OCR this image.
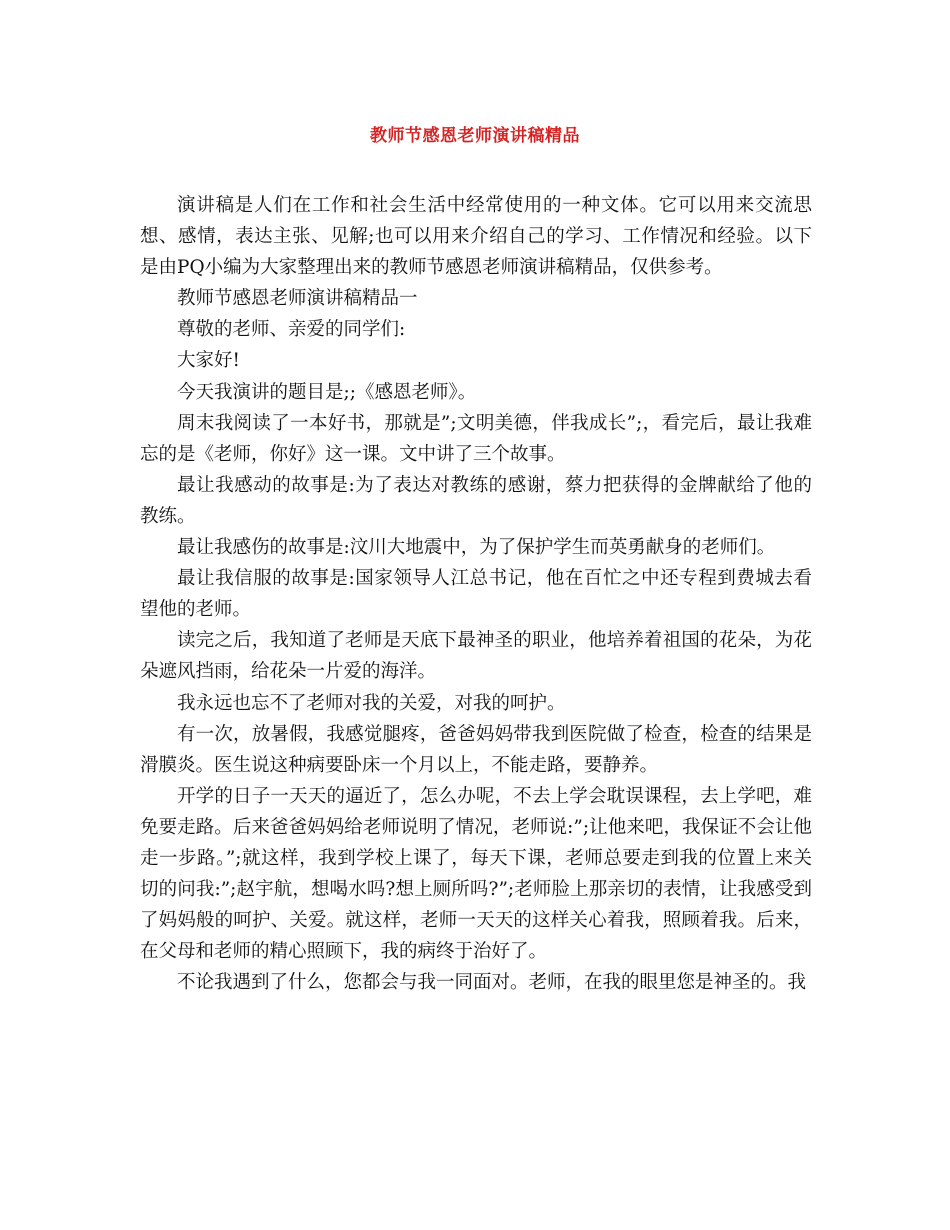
教师节感恩老师演讲稿精品

演讲稿是人们在工作和社会生活中经常使用的一种文体。它可以用来交流思想、感情，表达主张、见解;也可以用来介绍自己的学习、工作情况和经验。以下是由PQ小编为大家整理出来的教师节感恩老师演讲稿精品，仅供参考。

教师节感恩老师演讲稿精品一

尊敬的老师、亲爱的同学们:

大家好!

今天我演讲的题目是;;《感恩老师》。

周末我阅读了一本好书，那就是”;文明美德，伴我成长”;，看完后，最让我难忘的是《老师，你好》这一课。文中讲了三个故事。

最让我感动的故事是:为了表达对教练的感谢，蔡力把获得的金牌献给了他的教练。

最让我感伤的故事是:汶川大地震中，为了保护学生而英勇献身的老师们。

最让我信服的故事是:国家领导人江总书记，他在百忙之中还专程到费城去看望他的老师。

读完之后，我知道了老师是天底下最神圣的职业，他培养着祖国的花朵，为花朵遮风挡雨，给花朵一片爱的海洋。

我永远也忘不了老师对我的关爱，对我的呵护。

有一次，放暑假，我感觉腿疼，爸爸妈妈带我到医院做了检查，检查的结果是滑膜炎。医生说这种病要卧床一个月以上，不能走路，要静养。

开学的日子一天天的逼近了，怎么办呢，不去上学会耽误课程，去上学吧，难免要走路。后来爸爸妈妈给老师说明了情况，老师说:”;让他来吧，我保证不会让他走一步路。”;就这样，我到学校上课了，每天下课，老师总要走到我的位置上来关切的问我:”;赵宇航，想喝水吗?想上厕所吗?”;老师脸上那亲切的表情，让我感受到了妈妈般的呵护、关爱。就这样，老师一天天的这样关心着我，照顾着我。后来，在父母和老师的精心照顾下，我的病终于治好了。

不论我遇到了什么，您都会与我一同面对。老师，在我的眼里您是神圣的。我
